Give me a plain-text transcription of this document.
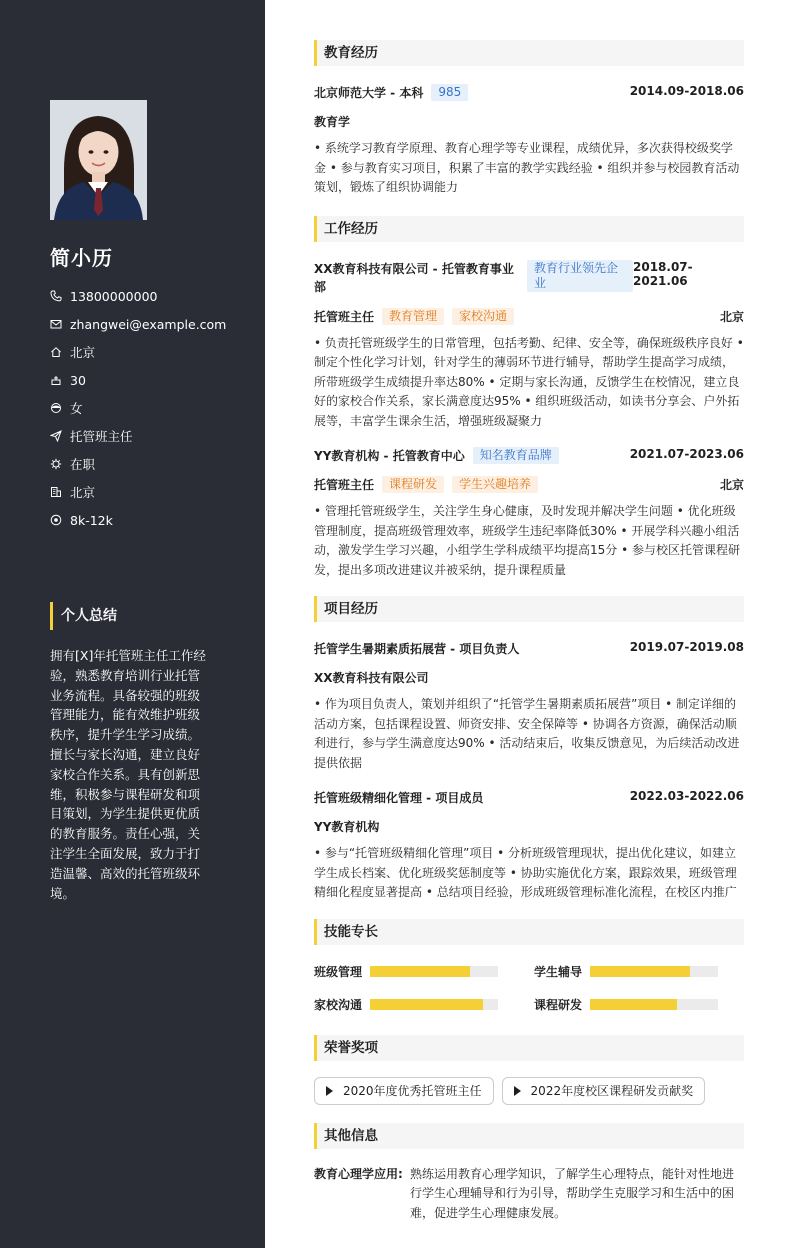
简小历
13800000000
zhangwei@example.com
北京
30
女
托管班主任
在职
北京
8k-12k
个人总结
拥有[X]年托管班主任工作经验，熟悉教育培训行业托管业务流程。具备较强的班级管理能力，能有效维护班级秩序，提升学生学习成绩。擅长与家长沟通，建立良好家校合作关系。具有创新思维，积极参与课程研发和项目策划，为学生提供更优质的教育服务。责任心强，关注学生全面发展，致力于打造温馨、高效的托管班级环境。
教育经历
北京师范大学 - 本科	985	2014.09-2018.06
教育学
• 系统学习教育学原理、教育心理学等专业课程，成绩优异，多次获得校级奖学金 • 参与教育实习项目，积累了丰富的教学实践经验 • 组织并参与校园教育活动策划，锻炼了组织协调能力
工作经历
XX教育科技有限公司 - 托管教育事业部
教育行业领先企业
2018.07-2021.06
托管班主任	教育管理	家校沟通	北京
• 负责托管班级学生的日常管理，包括考勤、纪律、安全等，确保班级秩序良好 • 制定个性化学习计划，针对学生的薄弱环节进行辅导，帮助学生提高学习成绩，所带班级学生成绩提升率达80% • 定期与家长沟通，反馈学生在校情况，建立良好的家校合作关系，家长满意度达95% • 组织班级活动，如读书分享会、户外拓展等，丰富学生课余生活，增强班级凝聚力
YY教育机构 - 托管教育中心	知名教育品牌	2021.07-2023.06
托管班主任	课程研发	学生兴趣培养	北京
• 管理托管班级学生，关注学生身心健康，及时发现并解决学生问题 • 优化班级管理制度，提高班级管理效率，班级学生违纪率降低30% • 开展学科兴趣小组活动，激发学生学习兴趣，小组学生学科成绩平均提高15分 • 参与校区托管课程研发，提出多项改进建议并被采纳，提升课程质量
项目经历
托管学生暑期素质拓展营 - 项目负责人	2019.07-2019.08
XX教育科技有限公司
• 作为项目负责人，策划并组织了“托管学生暑期素质拓展营”项目 • 制定详细的活动方案，包括课程设置、师资安排、安全保障等 • 协调各方资源，确保活动顺利进行，参与学生满意度达90% • 活动结束后，收集反馈意见，为后续活动改进提供依据
托管班级精细化管理 - 项目成员	2022.03-2022.06
YY教育机构
• 参与“托管班级精细化管理”项目 • 分析班级管理现状，提出优化建议，如建立学生成长档案、优化班级奖惩制度等 • 协助实施优化方案，跟踪效果，班级管理精细化程度显著提高 • 总结项目经验，形成班级管理标准化流程，在校区内推广
技能专长
班级管理	学生辅导
家校沟通	课程研发
荣誉奖项
2020年度优秀托管班主任	2022年度校区课程研发贡献奖
其他信息
教育心理学应用: 熟练运用教育心理学知识，了解学生心理特点，能针对性地进行学生心理辅导和行为引导，帮助学生克服学习和生活中的困难，促进学生心理健康发展。
